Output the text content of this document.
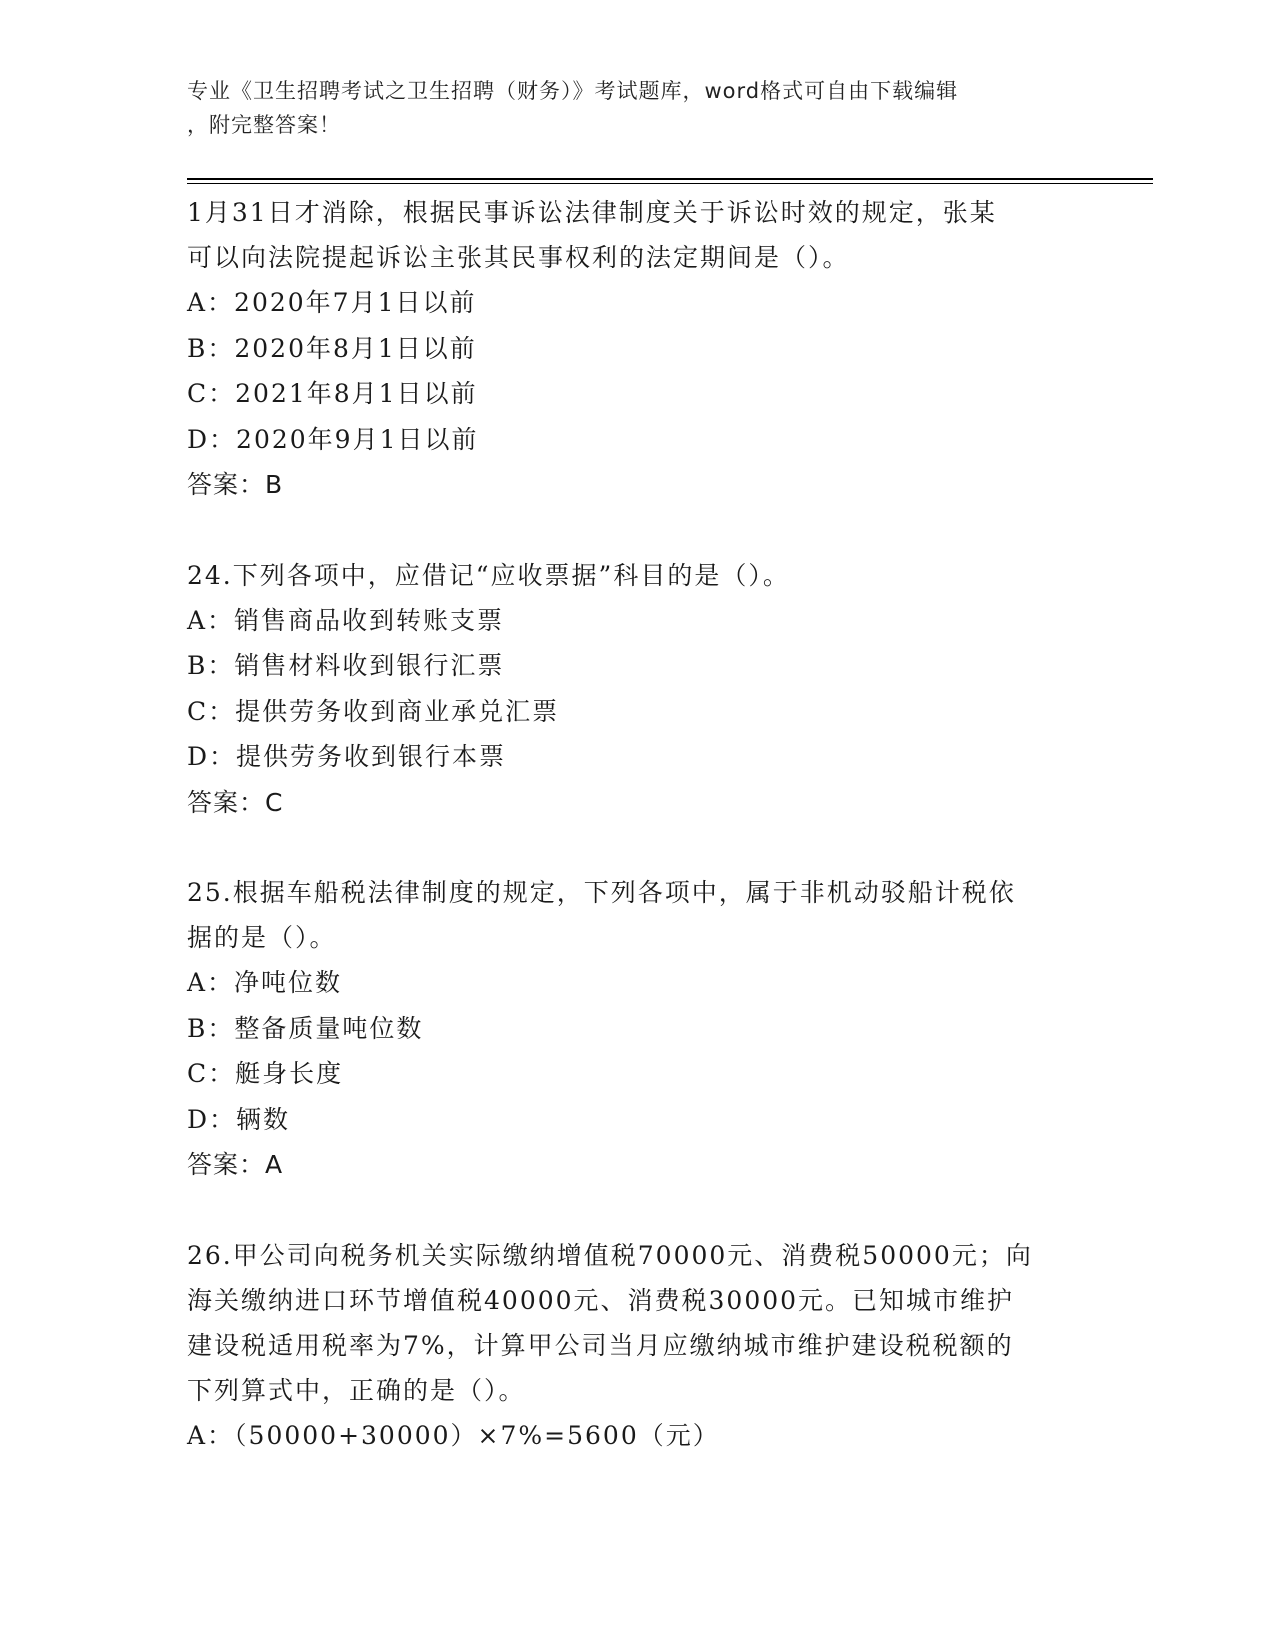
专业《卫生招聘考试之卫生招聘（财务）》考试题库，word格式可自由下载编辑
，附完整答案！
1月31日才消除，根据民事诉讼法律制度关于诉讼时效的规定，张某
可以向法院提起诉讼主张其民事权利的法定期间是（）。
A：2020年7月1日以前
B：2020年8月1日以前
C：2021年8月1日以前
D：2020年9月1日以前
答案：B
24.下列各项中，应借记“应收票据”科目的是（）。
A：销售商品收到转账支票
B：销售材料收到银行汇票
C：提供劳务收到商业承兑汇票
D：提供劳务收到银行本票
答案：C
25.根据车船税法律制度的规定，下列各项中，属于非机动驳船计税依
据的是（）。
A：净吨位数
B：整备质量吨位数
C：艇身长度
D：辆数
答案：A
26.甲公司向税务机关实际缴纳增值税70000元、消费税50000元；向
海关缴纳进口环节增值税40000元、消费税30000元。已知城市维护
建设税适用税率为7%，计算甲公司当月应缴纳城市维护建设税税额的
下列算式中，正确的是（）。
A：（50000+30000）×7%=5600（元）
